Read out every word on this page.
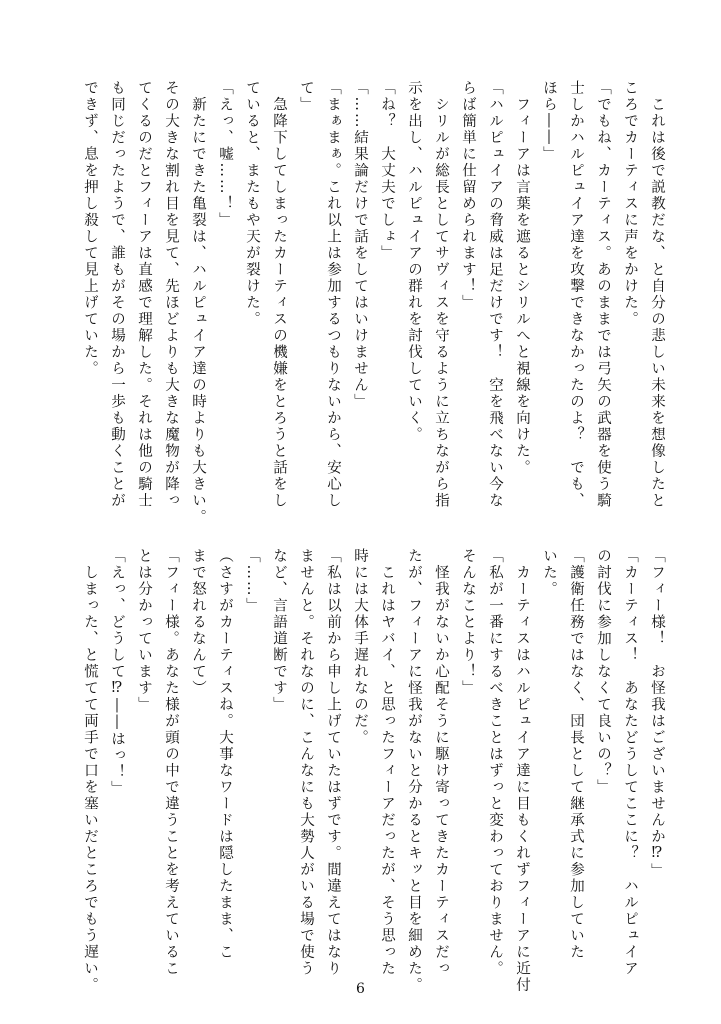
　これは後で説教だな、と自分の悲しい未来を想像したと
ころでカーティスに声をかけた。
「でもね、カーティス。あのままでは弓矢の武器を使う騎
士しかハルピュイア達を攻撃できなかったのよ？　でも、
ほら――」
　フィーアは言葉を遮るとシリルへと視線を向けた。
「ハルピュイアの脅威は足だけです！　空を飛べない今な
らば簡単に仕留められます！」
　シリルが総長としてサヴィスを守るように立ちながら指
示を出し、ハルピュイアの群れを討伐していく。
「ね？　大丈夫でしょ」
「……結果論だけで話をしてはいけません」
「まぁまぁ。これ以上は参加するつもりないから、安心し
て」
　急降下してしまったカーティスの機嫌をとろうと話をし
ていると、またもや天が裂けた。
「えっ、嘘……！」
　新たにできた亀裂は、ハルピュイア達の時よりも大きい。
その大きな割れ目を見て、先ほどよりも大きな魔物が降っ
てくるのだとフィーアは直感で理解した。それは他の騎士
も同じだったようで、誰もがその場から一歩も動くことが
できず、息を押し殺して見上げていた。
「フィー様！　お怪我はございませんか⁉」
「カーティス！　あなたどうしてここに？　ハルピュイア
の討伐に参加しなくて良いの？」
「護衛任務ではなく、団長として継承式に参加していた
いた。
　カーティスはハルピュイア達に目もくれずフィーアに近付
「私が一番にするべきことはずっと変わっておりません。
そんなことより！」
　怪我がないか心配そうに駆け寄ってきたカーティスだっ
たが、フィーアに怪我がないと分かるとキッと目を細めた。
　これはヤバイ、と思ったフィーアだったが、そう思った
時には大体手遅れなのだ。
「私は以前から申し上げていたはずです。間違えてはなり
ませんと。それなのに、こんなにも大勢人がいる場で使う
など、言語道断です」
「……」
（さすがカーティスね。大事なワードは隠したまま、こ
まで怒れるなんて）
「フィー様。あなた様が頭の中で違うことを考えているこ
とは分かっています」
「えっ、どうして⁉――はっ！」
　しまった、と慌てて両手で口を塞いだところでもう遅い。	6
